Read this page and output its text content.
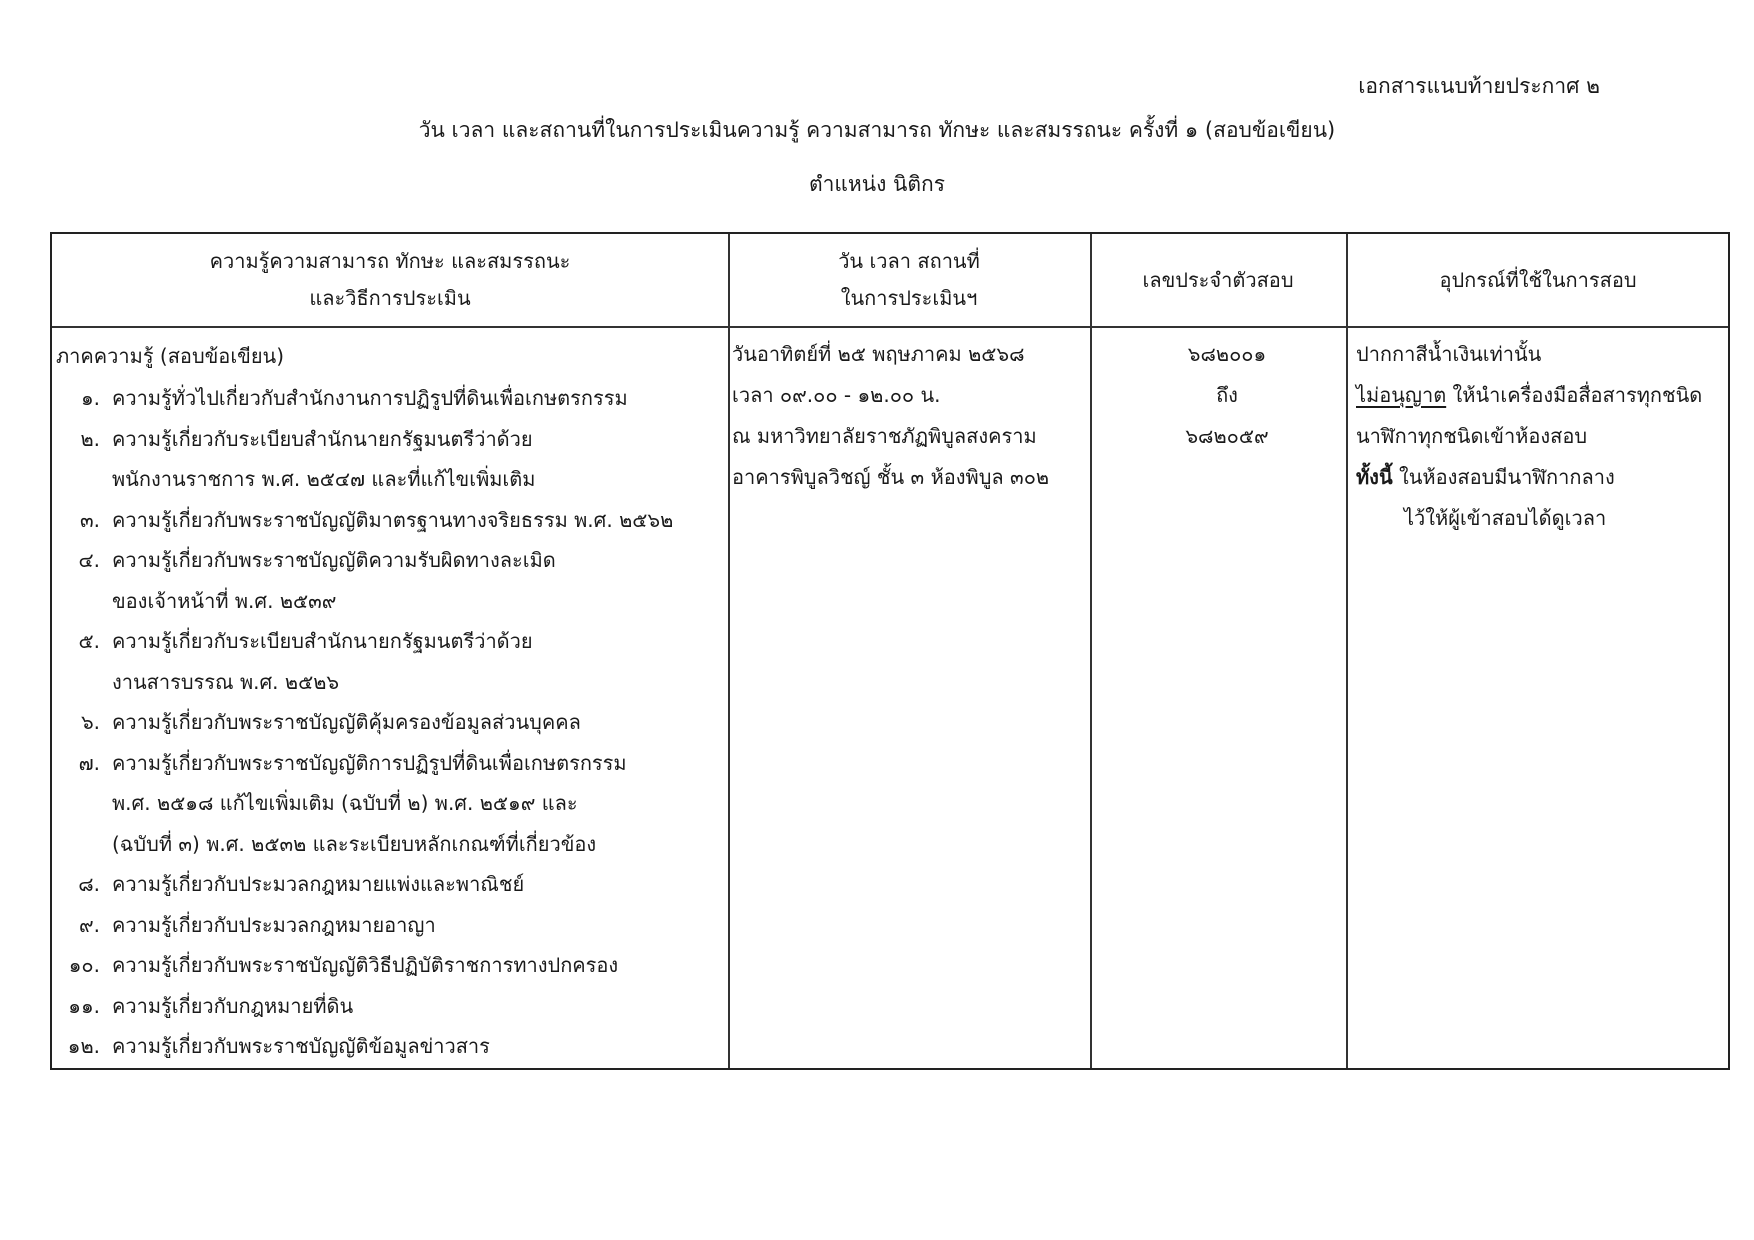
เอกสารแนบท้ายประกาศ ๒
วัน เวลา และสถานที่ในการประเมินความรู้ ความสามารถ ทักษะ และสมรรถนะ ครั้งที่ ๑ (สอบข้อเขียน)
ตำแหน่ง นิติกร
ความรู้ความสามารถ ทักษะ และสมรรถนะ
และวิธีการประเมิน
วัน เวลา สถานที่
ในการประเมินฯ
เลขประจำตัวสอบ	อุปกรณ์ที่ใช้ในการสอบ
ภาคความรู้ (สอบข้อเขียน)
๑. ความรู้ทั่วไปเกี่ยวกับสำนักงานการปฏิรูปที่ดินเพื่อเกษตรกรรม
๒. ความรู้เกี่ยวกับระเบียบสำนักนายกรัฐมนตรีว่าด้วย
พนักงานราชการ พ.ศ. ๒๕๔๗ และที่แก้ไขเพิ่มเติม
๓. ความรู้เกี่ยวกับพระราชบัญญัติมาตรฐานทางจริยธรรม พ.ศ. ๒๕๖๒
๔. ความรู้เกี่ยวกับพระราชบัญญัติความรับผิดทางละเมิด
ของเจ้าหน้าที่ พ.ศ. ๒๕๓๙
๕. ความรู้เกี่ยวกับระเบียบสำนักนายกรัฐมนตรีว่าด้วย
งานสารบรรณ พ.ศ. ๒๕๒๖
๖. ความรู้เกี่ยวกับพระราชบัญญัติคุ้มครองข้อมูลส่วนบุคคล
๗. ความรู้เกี่ยวกับพระราชบัญญัติการปฏิรูปที่ดินเพื่อเกษตรกรรม
พ.ศ. ๒๕๑๘ แก้ไขเพิ่มเติม (ฉบับที่ ๒) พ.ศ. ๒๕๑๙ และ
(ฉบับที่ ๓) พ.ศ. ๒๕๓๒ และระเบียบหลักเกณฑ์ที่เกี่ยวข้อง
๘. ความรู้เกี่ยวกับประมวลกฎหมายแพ่งและพาณิชย์
๙. ความรู้เกี่ยวกับประมวลกฎหมายอาญา
๑๐. ความรู้เกี่ยวกับพระราชบัญญัติวิธีปฏิบัติราชการทางปกครอง
๑๑. ความรู้เกี่ยวกับกฎหมายที่ดิน
๑๒. ความรู้เกี่ยวกับพระราชบัญญัติข้อมูลข่าวสาร
วันอาทิตย์ที่ ๒๕ พฤษภาคม ๒๕๖๘
เวลา ๐๙.๐๐ - ๑๒.๐๐ น.
ณ มหาวิทยาลัยราชภัฏพิบูลสงคราม
อาคารพิบูลวิชญ์ ชั้น ๓ ห้องพิบูล ๓๐๒
๖๘๒๐๐๑
ถึง
๖๘๒๐๕๙
ปากกาสีน้ำเงินเท่านั้น
ไม่อนุญาต ให้นำเครื่องมือสื่อสารทุกชนิด
นาฬิกาทุกชนิดเข้าห้องสอบ
ทั้งนี้ ในห้องสอบมีนาฬิกากลาง
ไว้ให้ผู้เข้าสอบได้ดูเวลา
